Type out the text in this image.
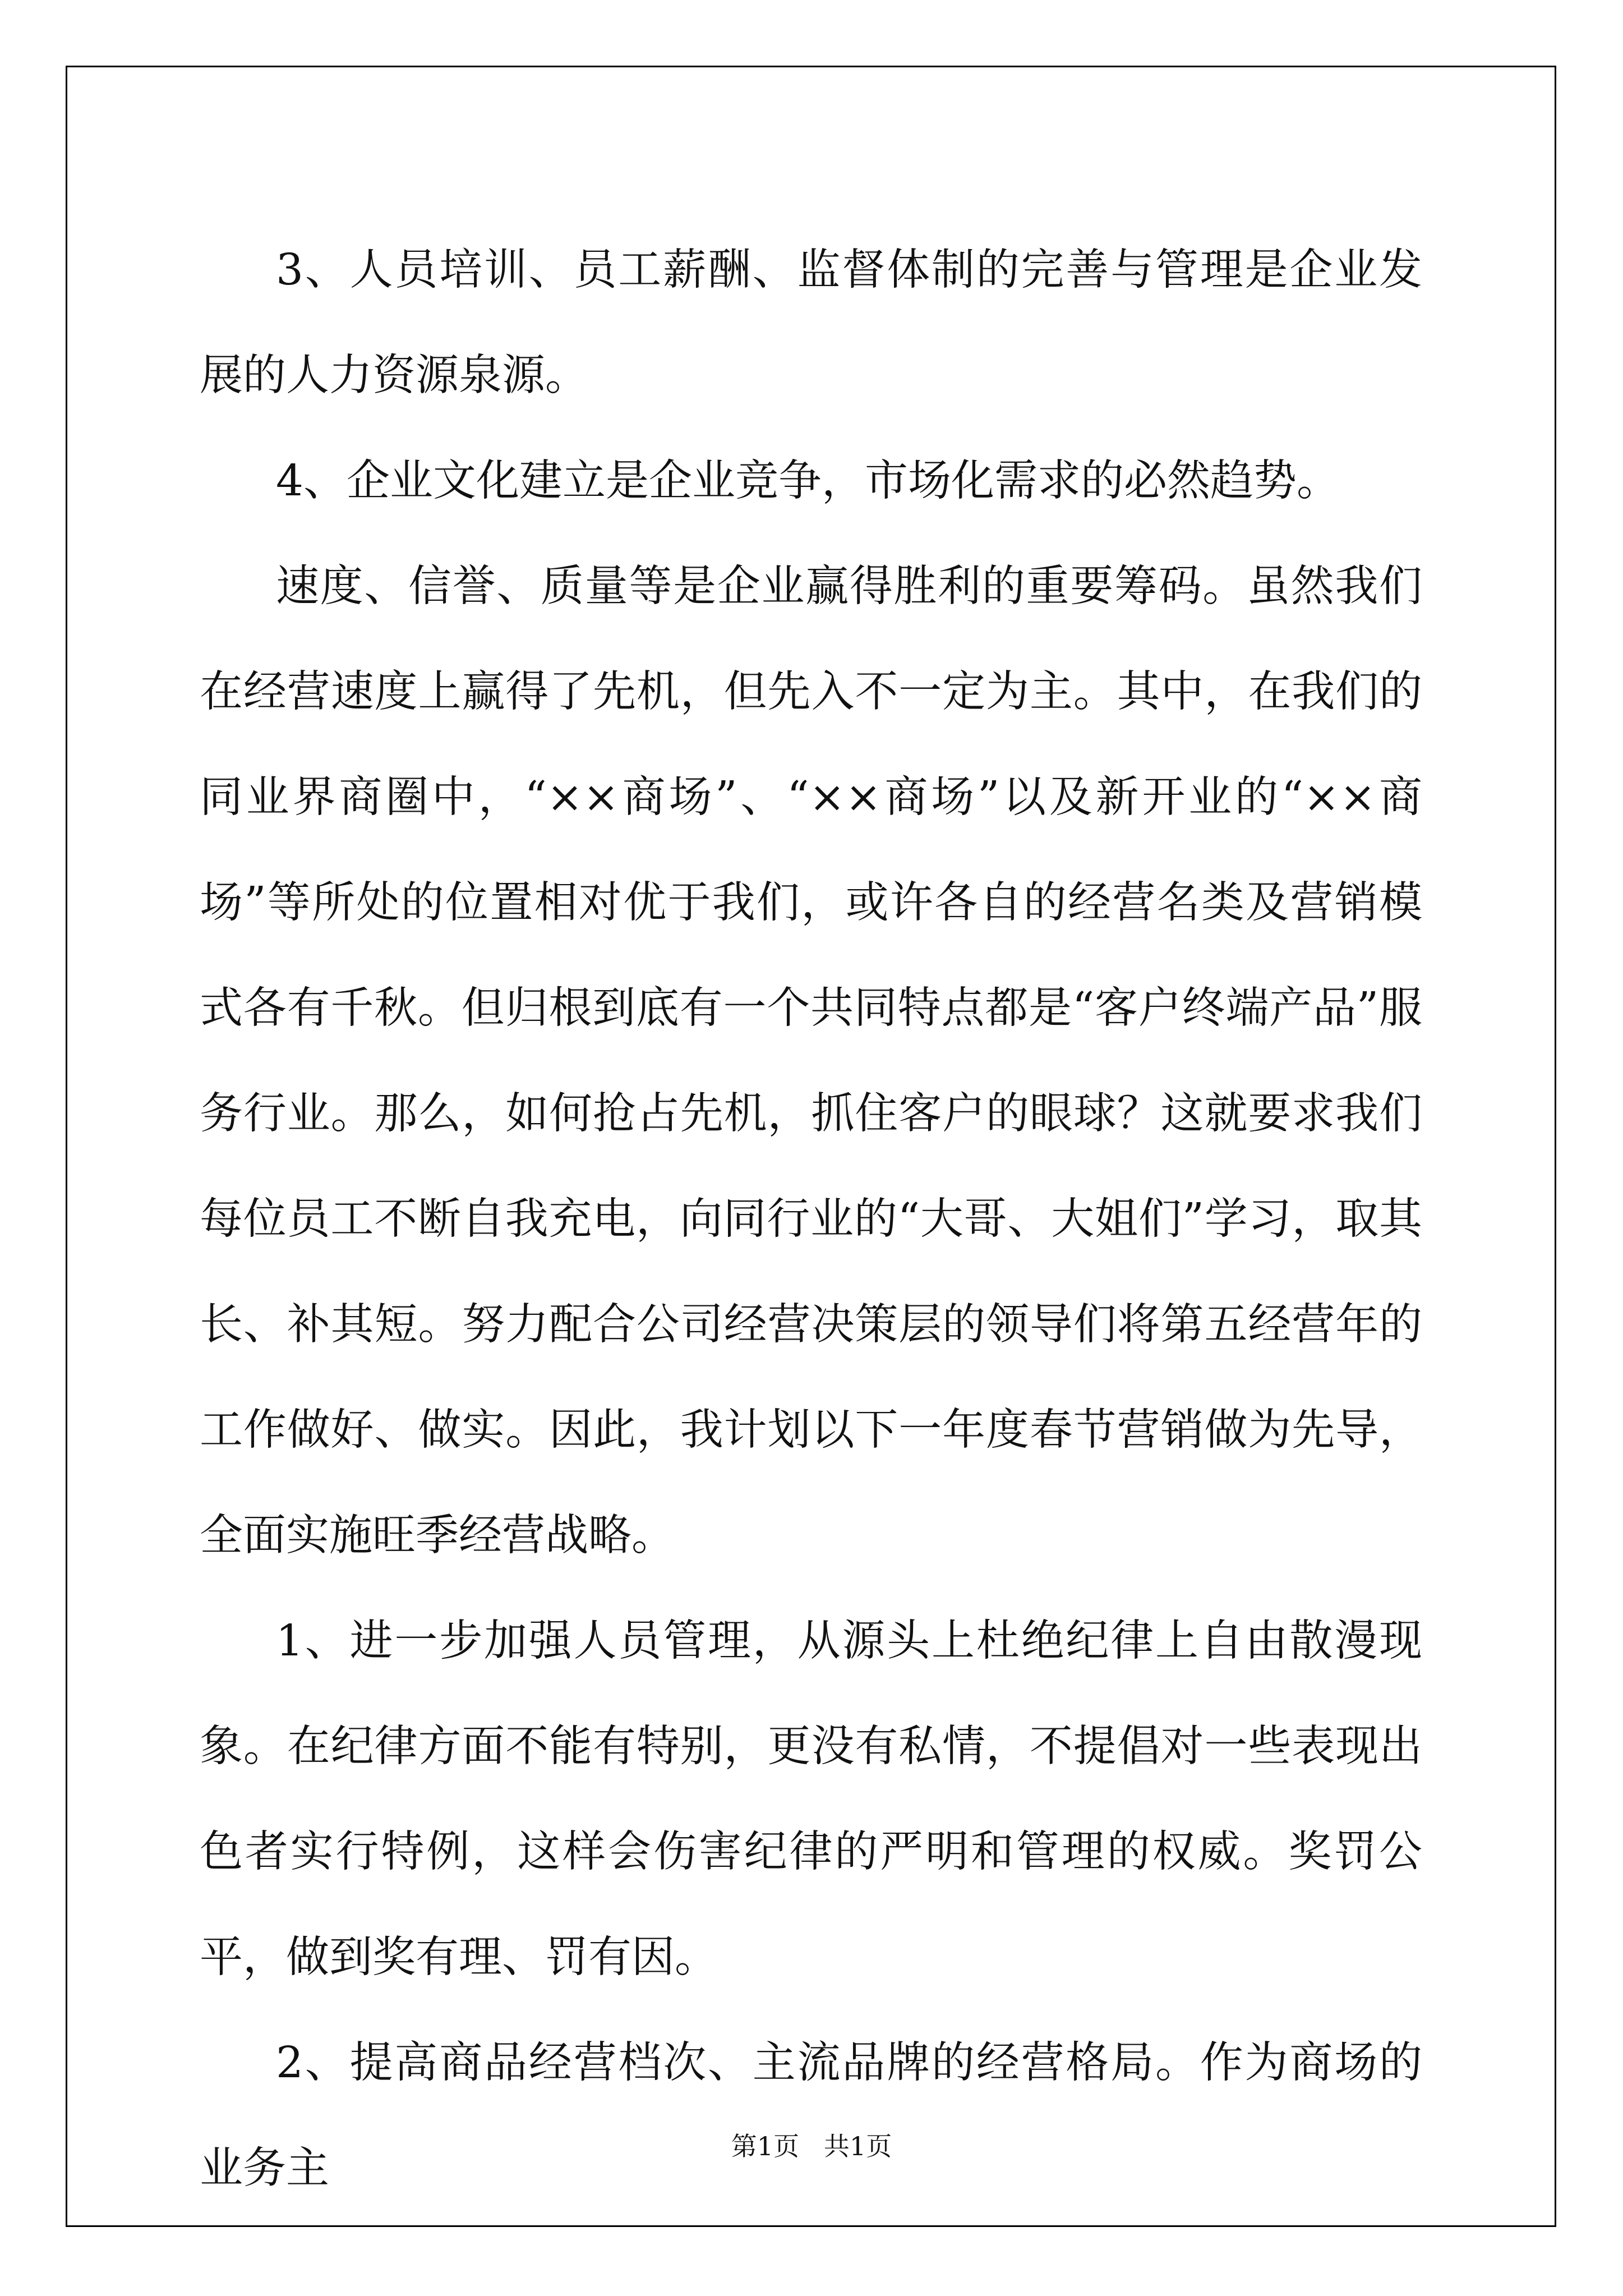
3、人员培训、员工薪酬、监督体制的完善与管理是企业发展的人力资源泉源。

4、企业文化建立是企业竞争，市场化需求的必然趋势。

速度、信誉、质量等是企业赢得胜利的重要筹码。虽然我们在经营速度上赢得了先机，但先入不一定为主。其中，在我们的同业界商圈中，“××商场”、“××商场”以及新开业的“××商场”等所处的位置相对优于我们，或许各自的经营名类及营销模式各有千秋。但归根到底有一个共同特点都是“客户终端产品”服务行业。那么，如何抢占先机，抓住客户的眼球？这就要求我们每位员工不断自我充电，向同行业的“大哥、大姐们”学习，取其长、补其短。努力配合公司经营决策层的领导们将第五经营年的工作做好、做实。因此，我计划以下一年度春节营销做为先导，全面实施旺季经营战略。

1、进一步加强人员管理，从源头上杜绝纪律上自由散漫现象。在纪律方面不能有特别，更没有私情，不提倡对一些表现出色者实行特例，这样会伤害纪律的严明和管理的权威。奖罚公平，做到奖有理、罚有因。

2、提高商品经营档次、主流品牌的经营格局。作为商场的业务主	第1页   共1页
